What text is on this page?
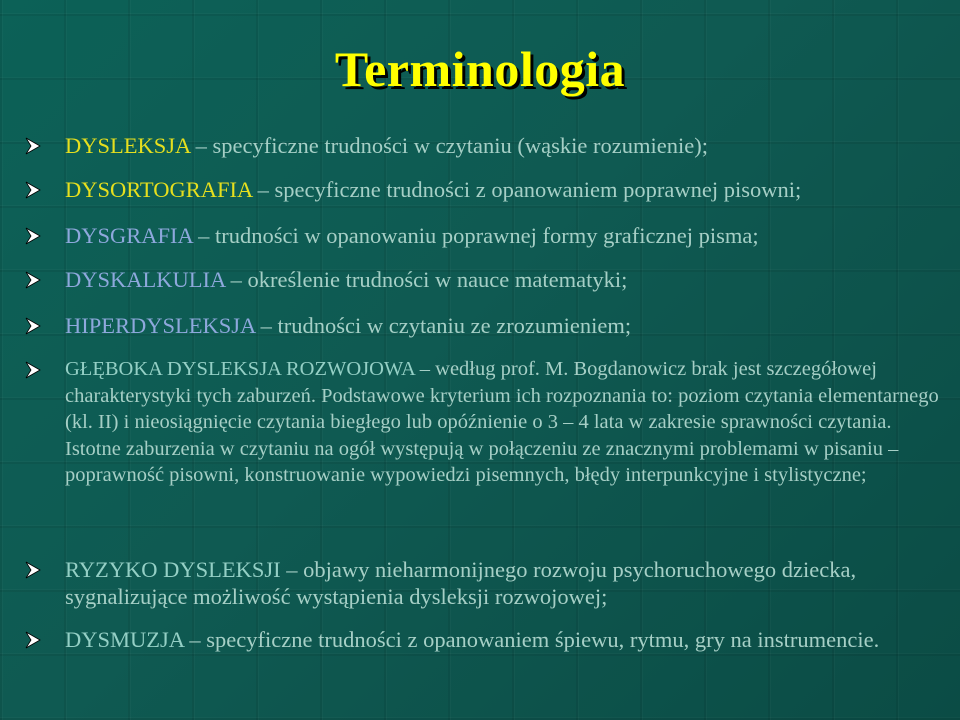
Terminologia
DYSLEKSJA – specyficzne trudności w czytaniu (wąskie rozumienie);
DYSORTOGRAFIA – specyficzne trudności z opanowaniem poprawnej pisowni;
DYSGRAFIA – trudności w opanowaniu poprawnej formy graficznej pisma;
DYSKALKULIA – określenie trudności w nauce matematyki;
HIPERDYSLEKSJA – trudności w czytaniu ze zrozumieniem;
GŁĘBOKA DYSLEKSJA ROZWOJOWA – według prof. M. Bogdanowicz brak jest szczegółowej charakterystyki tych zaburzeń. Podstawowe kryterium ich rozpoznania to: poziom czytania elementarnego (kl. II) i nieosiągnięcie czytania biegłego lub opóźnienie o 3 – 4 lata w zakresie sprawności czytania. Istotne zaburzenia w czytaniu na ogół występują w połączeniu ze znacznymi problemami w pisaniu – poprawność pisowni, konstruowanie wypowiedzi pisemnych, błędy interpunkcyjne i stylistyczne;
RYZYKO DYSLEKSJI – objawy nieharmonijnego rozwoju psychoruchowego dziecka, sygnalizujące możliwość wystąpienia dysleksji rozwojowej;
DYSMUZJA – specyficzne trudności z opanowaniem śpiewu, rytmu, gry na instrumencie.
